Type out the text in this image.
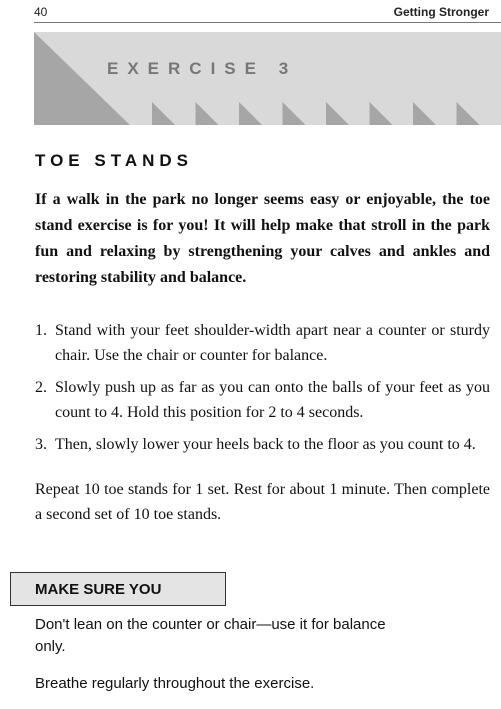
40	Getting Stronger
EXERCISE 3
TOE STANDS
If a walk in the park no longer seems easy or enjoyable, the toe stand exercise is for you! It will help make that stroll in the park fun and relaxing by strengthening your calves and ankles and restoring stability and balance.
1. Stand with your feet shoulder-width apart near a counter or sturdy chair. Use the chair or counter for balance.
2. Slowly push up as far as you can onto the balls of your feet as you count to 4. Hold this position for 2 to 4 seconds.
3. Then, slowly lower your heels back to the floor as you count to 4.
Repeat 10 toe stands for 1 set. Rest for about 1 minute. Then complete a second set of 10 toe stands.
MAKE SURE YOU
Don't lean on the counter or chair—use it for balance only.
Breathe regularly throughout the exercise.
